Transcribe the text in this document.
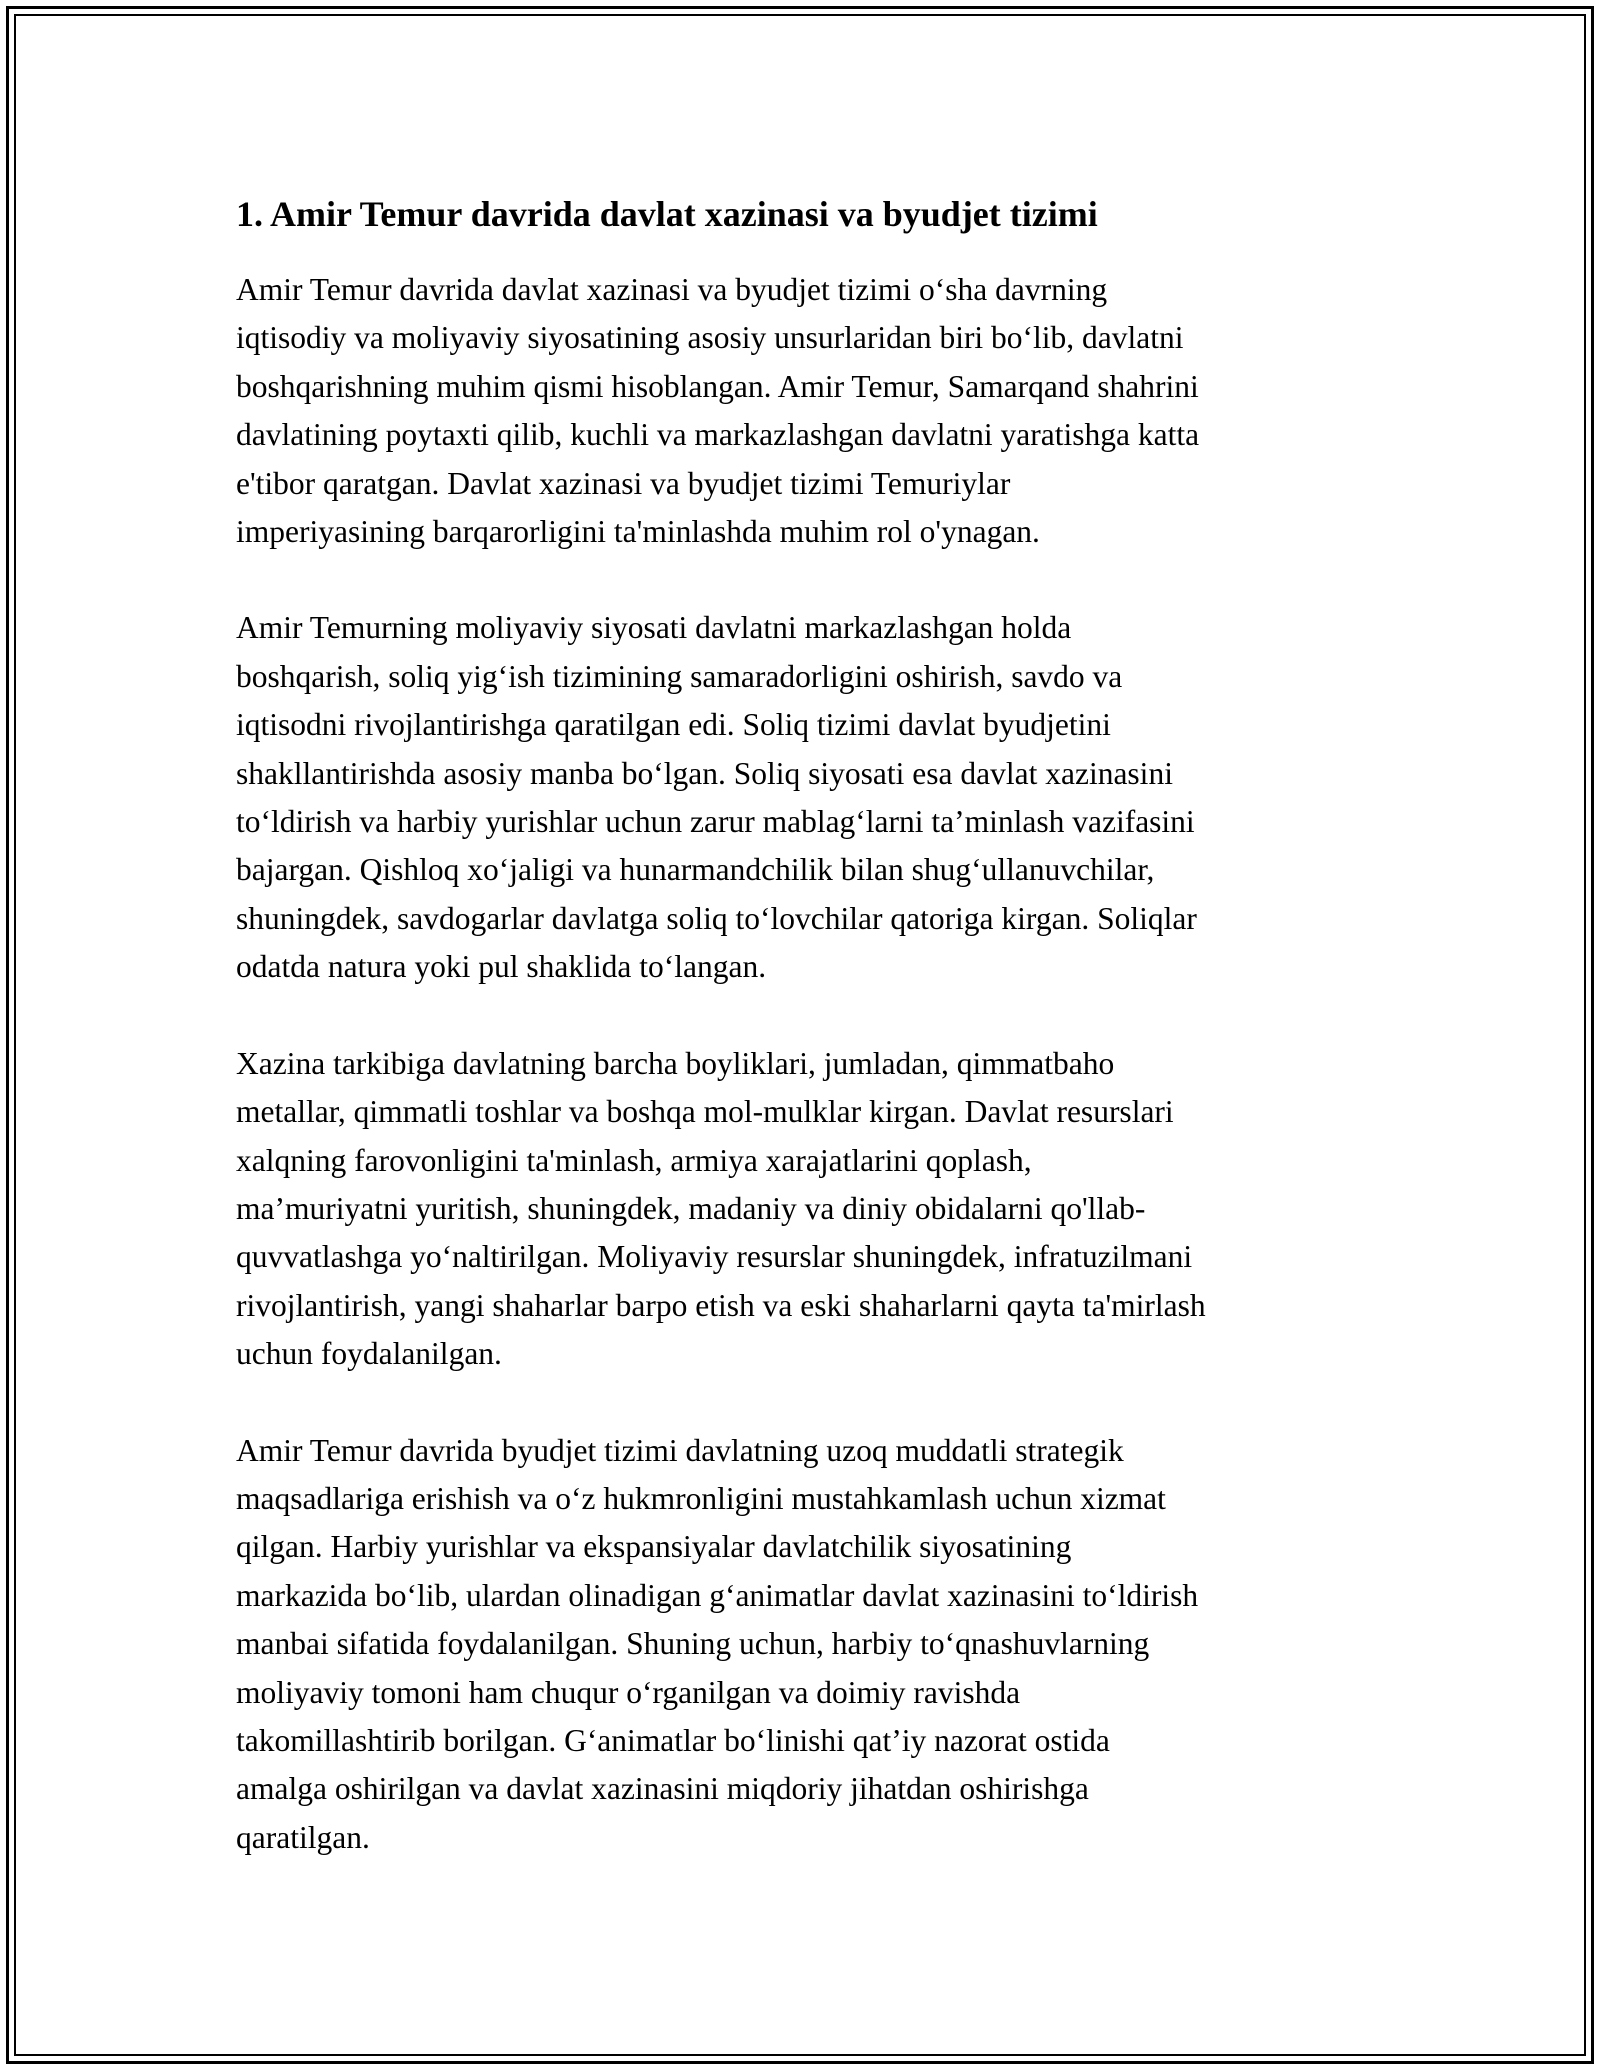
1. Amir Temur davrida davlat xazinasi va byudjet tizimi

Amir Temur davrida davlat xazinasi va byudjet tizimi o‘sha davrning
iqtisodiy va moliyaviy siyosatining asosiy unsurlaridan biri bo‘lib, davlatni
boshqarishning muhim qismi hisoblangan. Amir Temur, Samarqand shahrini
davlatining poytaxti qilib, kuchli va markazlashgan davlatni yaratishga katta
e'tibor qaratgan. Davlat xazinasi va byudjet tizimi Temuriylar
imperiyasining barqarorligini ta'minlashda muhim rol o'ynagan.

Amir Temurning moliyaviy siyosati davlatni markazlashgan holda
boshqarish, soliq yig‘ish tizimining samaradorligini oshirish, savdo va
iqtisodni rivojlantirishga qaratilgan edi. Soliq tizimi davlat byudjetini
shakllantirishda asosiy manba bo‘lgan. Soliq siyosati esa davlat xazinasini
to‘ldirish va harbiy yurishlar uchun zarur mablag‘larni ta’minlash vazifasini
bajargan. Qishloq xo‘jaligi va hunarmandchilik bilan shug‘ullanuvchilar,
shuningdek, savdogarlar davlatga soliq to‘lovchilar qatoriga kirgan. Soliqlar
odatda natura yoki pul shaklida to‘langan.

Xazina tarkibiga davlatning barcha boyliklari, jumladan, qimmatbaho
metallar, qimmatli toshlar va boshqa mol-mulklar kirgan. Davlat resurslari
xalqning farovonligini ta'minlash, armiya xarajatlarini qoplash,
ma’muriyatni yuritish, shuningdek, madaniy va diniy obidalarni qo'llab-
quvvatlashga yo‘naltirilgan. Moliyaviy resurslar shuningdek, infratuzilmani
rivojlantirish, yangi shaharlar barpo etish va eski shaharlarni qayta ta'mirlash
uchun foydalanilgan.

Amir Temur davrida byudjet tizimi davlatning uzoq muddatli strategik
maqsadlariga erishish va o‘z hukmronligini mustahkamlash uchun xizmat
qilgan. Harbiy yurishlar va ekspansiyalar davlatchilik siyosatining
markazida bo‘lib, ulardan olinadigan g‘animatlar davlat xazinasini to‘ldirish
manbai sifatida foydalanilgan. Shuning uchun, harbiy to‘qnashuvlarning
moliyaviy tomoni ham chuqur o‘rganilgan va doimiy ravishda
takomillashtirib borilgan. G‘animatlar bo‘linishi qat’iy nazorat ostida
amalga oshirilgan va davlat xazinasini miqdoriy jihatdan oshirishga
qaratilgan.
